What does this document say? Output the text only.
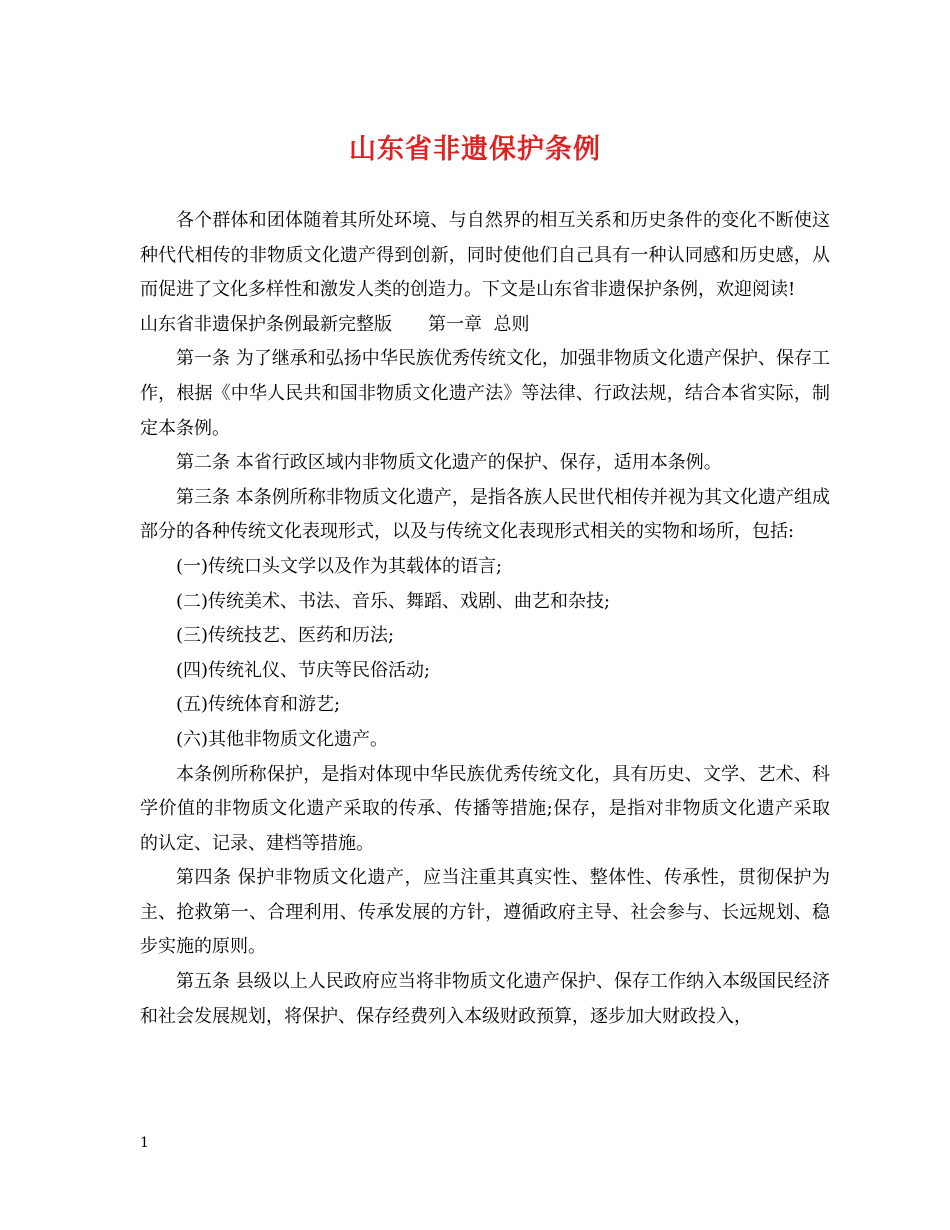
山东省非遗保护条例

各个群体和团体随着其所处环境、与自然界的相互关系和历史条件的变化不断使这种代代相传的非物质文化遗产得到创新，同时使他们自己具有一种认同感和历史感，从而促进了文化多样性和激发人类的创造力。下文是山东省非遗保护条例，欢迎阅读!

山东省非遗保护条例最新完整版　　第一章  总则

第一条 为了继承和弘扬中华民族优秀传统文化，加强非物质文化遗产保护、保存工作，根据《中华人民共和国非物质文化遗产法》等法律、行政法规，结合本省实际，制定本条例。

第二条 本省行政区域内非物质文化遗产的保护、保存，适用本条例。

第三条 本条例所称非物质文化遗产，是指各族人民世代相传并视为其文化遗产组成部分的各种传统文化表现形式，以及与传统文化表现形式相关的实物和场所，包括:

(一)传统口头文学以及作为其载体的语言;

(二)传统美术、书法、音乐、舞蹈、戏剧、曲艺和杂技;

(三)传统技艺、医药和历法;

(四)传统礼仪、节庆等民俗活动;

(五)传统体育和游艺;

(六)其他非物质文化遗产。

本条例所称保护，是指对体现中华民族优秀传统文化，具有历史、文学、艺术、科学价值的非物质文化遗产采取的传承、传播等措施;保存，是指对非物质文化遗产采取的认定、记录、建档等措施。

第四条 保护非物质文化遗产，应当注重其真实性、整体性、传承性，贯彻保护为主、抢救第一、合理利用、传承发展的方针，遵循政府主导、社会参与、长远规划、稳步实施的原则。

第五条 县级以上人民政府应当将非物质文化遗产保护、保存工作纳入本级国民经济和社会发展规划，将保护、保存经费列入本级财政预算，逐步加大财政投入，

1
